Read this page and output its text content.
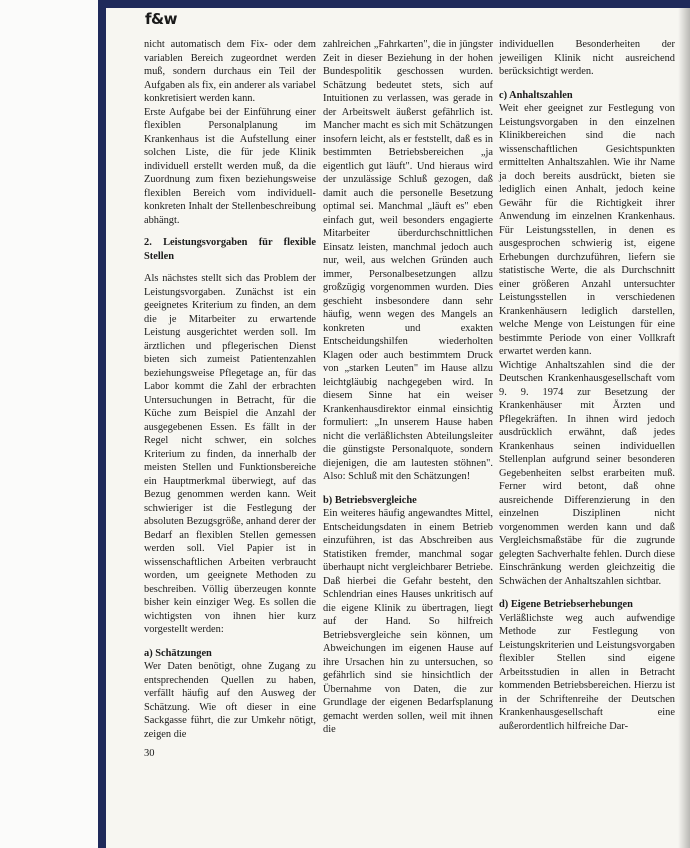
f&w

nicht automatisch dem Fix- oder dem variablen Bereich zugeordnet werden muß, sondern durchaus ein Teil der Aufgaben als fix, ein anderer als variabel konkretisiert werden kann.

Erste Aufgabe bei der Einführung einer flexiblen Personalplanung im Krankenhaus ist die Aufstellung einer solchen Liste, die für jede Klinik individuell erstellt werden muß, da die Zuordnung zum fixen beziehungsweise flexiblen Bereich vom individuell-konkreten Inhalt der Stellenbeschreibung abhängt.

2. Leistungsvorgaben für flexible Stellen

Als nächstes stellt sich das Problem der Leistungsvorgaben. Zunächst ist ein geeignetes Kriterium zu finden, an dem die je Mitarbeiter zu erwartende Leistung ausgerichtet werden soll. Im ärztlichen und pflegerischen Dienst bieten sich zumeist Patientenzahlen beziehungsweise Pflegetage an, für das Labor kommt die Zahl der erbrachten Untersuchungen in Betracht, für die Küche zum Beispiel die Anzahl der ausgegebenen Essen. Es fällt in der Regel nicht schwer, ein solches Kriterium zu finden, da innerhalb der meisten Stellen und Funktionsbereiche ein Hauptmerkmal überwiegt, auf das Bezug genommen werden kann. Weit schwieriger ist die Festlegung der absoluten Bezugsgröße, anhand derer der Bedarf an flexiblen Stellen gemessen werden soll. Viel Papier ist in wissenschaftlichen Arbeiten verbraucht worden, um geeignete Methoden zu beschreiben. Völlig überzeugen konnte bisher kein einziger Weg. Es sollen die wichtigsten von ihnen hier kurz vorgestellt werden:

a) Schätzungen

Wer Daten benötigt, ohne Zugang zu entsprechenden Quellen zu haben, verfällt häufig auf den Ausweg der Schätzung. Wie oft dieser in eine Sackgasse führt, die zur Umkehr nötigt, zeigen die

zahlreichen „Fahrkarten", die in jüngster Zeit in dieser Beziehung in der hohen Bundespolitik geschossen wurden. Schätzung bedeutet stets, sich auf Intuitionen zu verlassen, was gerade in der Arbeitswelt äußerst gefährlich ist. Mancher macht es sich mit Schätzungen insofern leicht, als er feststellt, daß es in bestimmten Betriebsbereichen „ja eigentlich gut läuft". Und hieraus wird der unzulässige Schluß gezogen, daß damit auch die personelle Besetzung optimal sei. Manchmal „läuft es" eben einfach gut, weil besonders engagierte Mitarbeiter überdurchschnittlichen Einsatz leisten, manchmal jedoch auch nur, weil, aus welchen Gründen auch immer, Personalbesetzungen allzu großzügig vorgenommen wurden. Dies geschieht insbesondere dann sehr häufig, wenn wegen des Mangels an konkreten und exakten Entscheidungshilfen wiederholten Klagen oder auch bestimmtem Druck von „starken Leuten" im Hause allzu leichtgläubig nachgegeben wird. In diesem Sinne hat ein weiser Krankenhausdirektor einmal einsichtig formuliert: „In unserem Hause haben nicht die verläßlichsten Abteilungsleiter die günstigste Personalquote, sondern diejenigen, die am lautesten stöhnen". Also: Schluß mit den Schätzungen!

b) Betriebsvergleiche

Ein weiteres häufig angewandtes Mittel, Entscheidungsdaten in einem Betrieb einzuführen, ist das Abschreiben aus Statistiken fremder, manchmal sogar überhaupt nicht vergleichbarer Betriebe. Daß hierbei die Gefahr besteht, den Schlendrian eines Hauses unkritisch auf die eigene Klinik zu übertragen, liegt auf der Hand. So hilfreich Betriebsvergleiche sein können, um Abweichungen im eigenen Hause auf ihre Ursachen hin zu untersuchen, so gefährlich sind sie hinsichtlich der Übernahme von Daten, die zur Grundlage der eigenen Bedarfsplanung gemacht werden sollen, weil mit ihnen die

individuellen Besonderheiten der jeweiligen Klinik nicht ausreichend berücksichtigt werden.

c) Anhaltszahlen

Weit eher geeignet zur Festlegung von Leistungsvorgaben in den einzelnen Klinikbereichen sind die nach wissenschaftlichen Gesichtspunkten ermittelten Anhaltszahlen. Wie ihr Name ja doch bereits ausdrückt, bieten sie lediglich einen Anhalt, jedoch keine Gewähr für die Richtigkeit ihrer Anwendung im einzelnen Krankenhaus. Für Leistungsstellen, in denen es ausgesprochen schwierig ist, eigene Erhebungen durchzuführen, liefern sie statistische Werte, die als Durchschnitt einer größeren Anzahl untersuchter Leistungsstellen in verschiedenen Krankenhäusern lediglich darstellen, welche Menge von Leistungen für eine bestimmte Periode von einer Vollkraft erwartet werden kann.

Wichtige Anhaltszahlen sind die der Deutschen Krankenhausgesellschaft vom 9. 9. 1974 zur Besetzung der Krankenhäuser mit Ärzten und Pflegekräften. In ihnen wird jedoch ausdrücklich erwähnt, daß jedes Krankenhaus seinen individuellen Stellenplan aufgrund seiner besonderen Gegebenheiten selbst erarbeiten muß. Ferner wird betont, daß ohne ausreichende Differenzierung in den einzelnen Disziplinen nicht vorgenommen werden kann und daß Vergleichsmaßstäbe für die zugrunde gelegten Sachverhalte fehlen. Durch diese Einschränkung werden gleichzeitig die Schwächen der Anhaltszahlen sichtbar.

d) Eigene Betriebserhebungen

Verläßlichste weg auch aufwendige Methode zur Festlegung von Leistungskriterien und Leistungsvorgaben flexibler Stellen sind eigene Arbeitsstudien in allen in Betracht kommenden Betriebsbereichen. Hierzu ist in der Schriftenreihe der Deutschen Krankenhausgesellschaft eine außerordentlich hilfreiche Dar-

30
